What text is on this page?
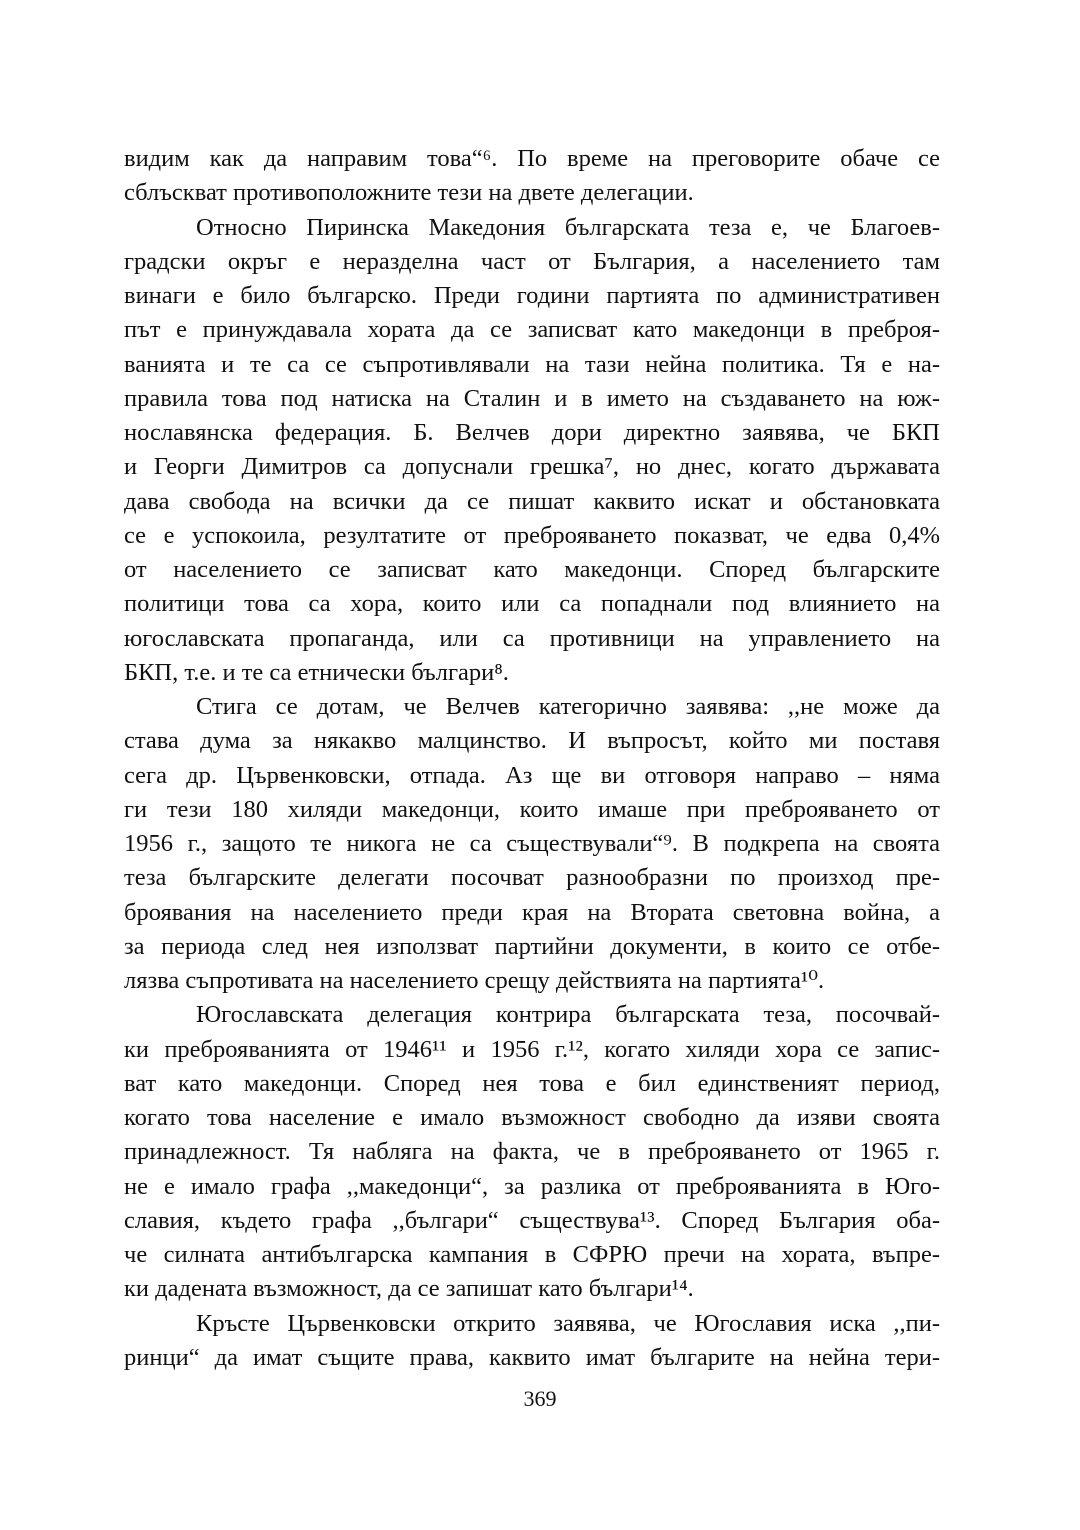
видим как да направим това“⁶. По време на преговорите обаче се
сблъскват противоположните тези на двете делегации.
Относно Пиринска Македония българската теза е, че Благоев-
градски окръг е неразделна част от България, а населението там
винаги е било българско. Преди години партията по административен
път е принуждавала хората да се записват като македонци в преброя-
ванията и те са се съпротивлявали на тази нейна политика. Тя е на-
правила това под натиска на Сталин и в името на създаването на юж-
нославянска федерация. Б. Велчев дори директно заявява, че БКП
и Георги Димитров са допуснали грешка⁷, но днес, когато държавата
дава свобода на всички да се пишат каквито искат и обстановката
се е успокоила, резултатите от преброяването показват, че едва 0,4%
от населението се записват като македонци. Според българските
политици това са хора, които или са попаднали под влиянието на
югославската пропаганда, или са противници на управлението на
БКП, т.е. и те са етнически българи⁸.
Стига се дотам, че Велчев категорично заявява: ,,не може да
става дума за някакво малцинство. И въпросът, който ми поставя
сега др. Цървенковски, отпада. Аз ще ви отговоря направо – няма
ги тези 180 хиляди македонци, които имаше при преброяването от
1956 г., защото те никога не са съществували“⁹. В подкрепа на своята
теза българските делегати посочват разнообразни по произход пре-
броявания на населението преди края на Втората световна война, а
за периода след нея използват партийни документи, в които се отбе-
лязва съпротивата на населението срещу действията на партията¹⁰.
Югославската делегация контрира българската теза, посочвай-
ки преброяванията от 1946¹¹ и 1956 г.¹², когато хиляди хора се запис-
ват като македонци. Според нея това е бил единственият период,
когато това население е имало възможност свободно да изяви своята
принадлежност. Тя набляга на факта, че в преброяването от 1965 г.
не е имало графа ,,македонци“, за разлика от преброяванията в Юго-
славия, където графа ,,българи“ съществува¹³. Според България оба-
че силната антибългарска кампания в СФРЮ пречи на хората, въпре-
ки дадената възможност, да се запишат като българи¹⁴.
Кръсте Цървенковски открито заявява, че Югославия иска ,,пи-
ринци“ да имат същите права, каквито имат българите на нейна тери-
369
